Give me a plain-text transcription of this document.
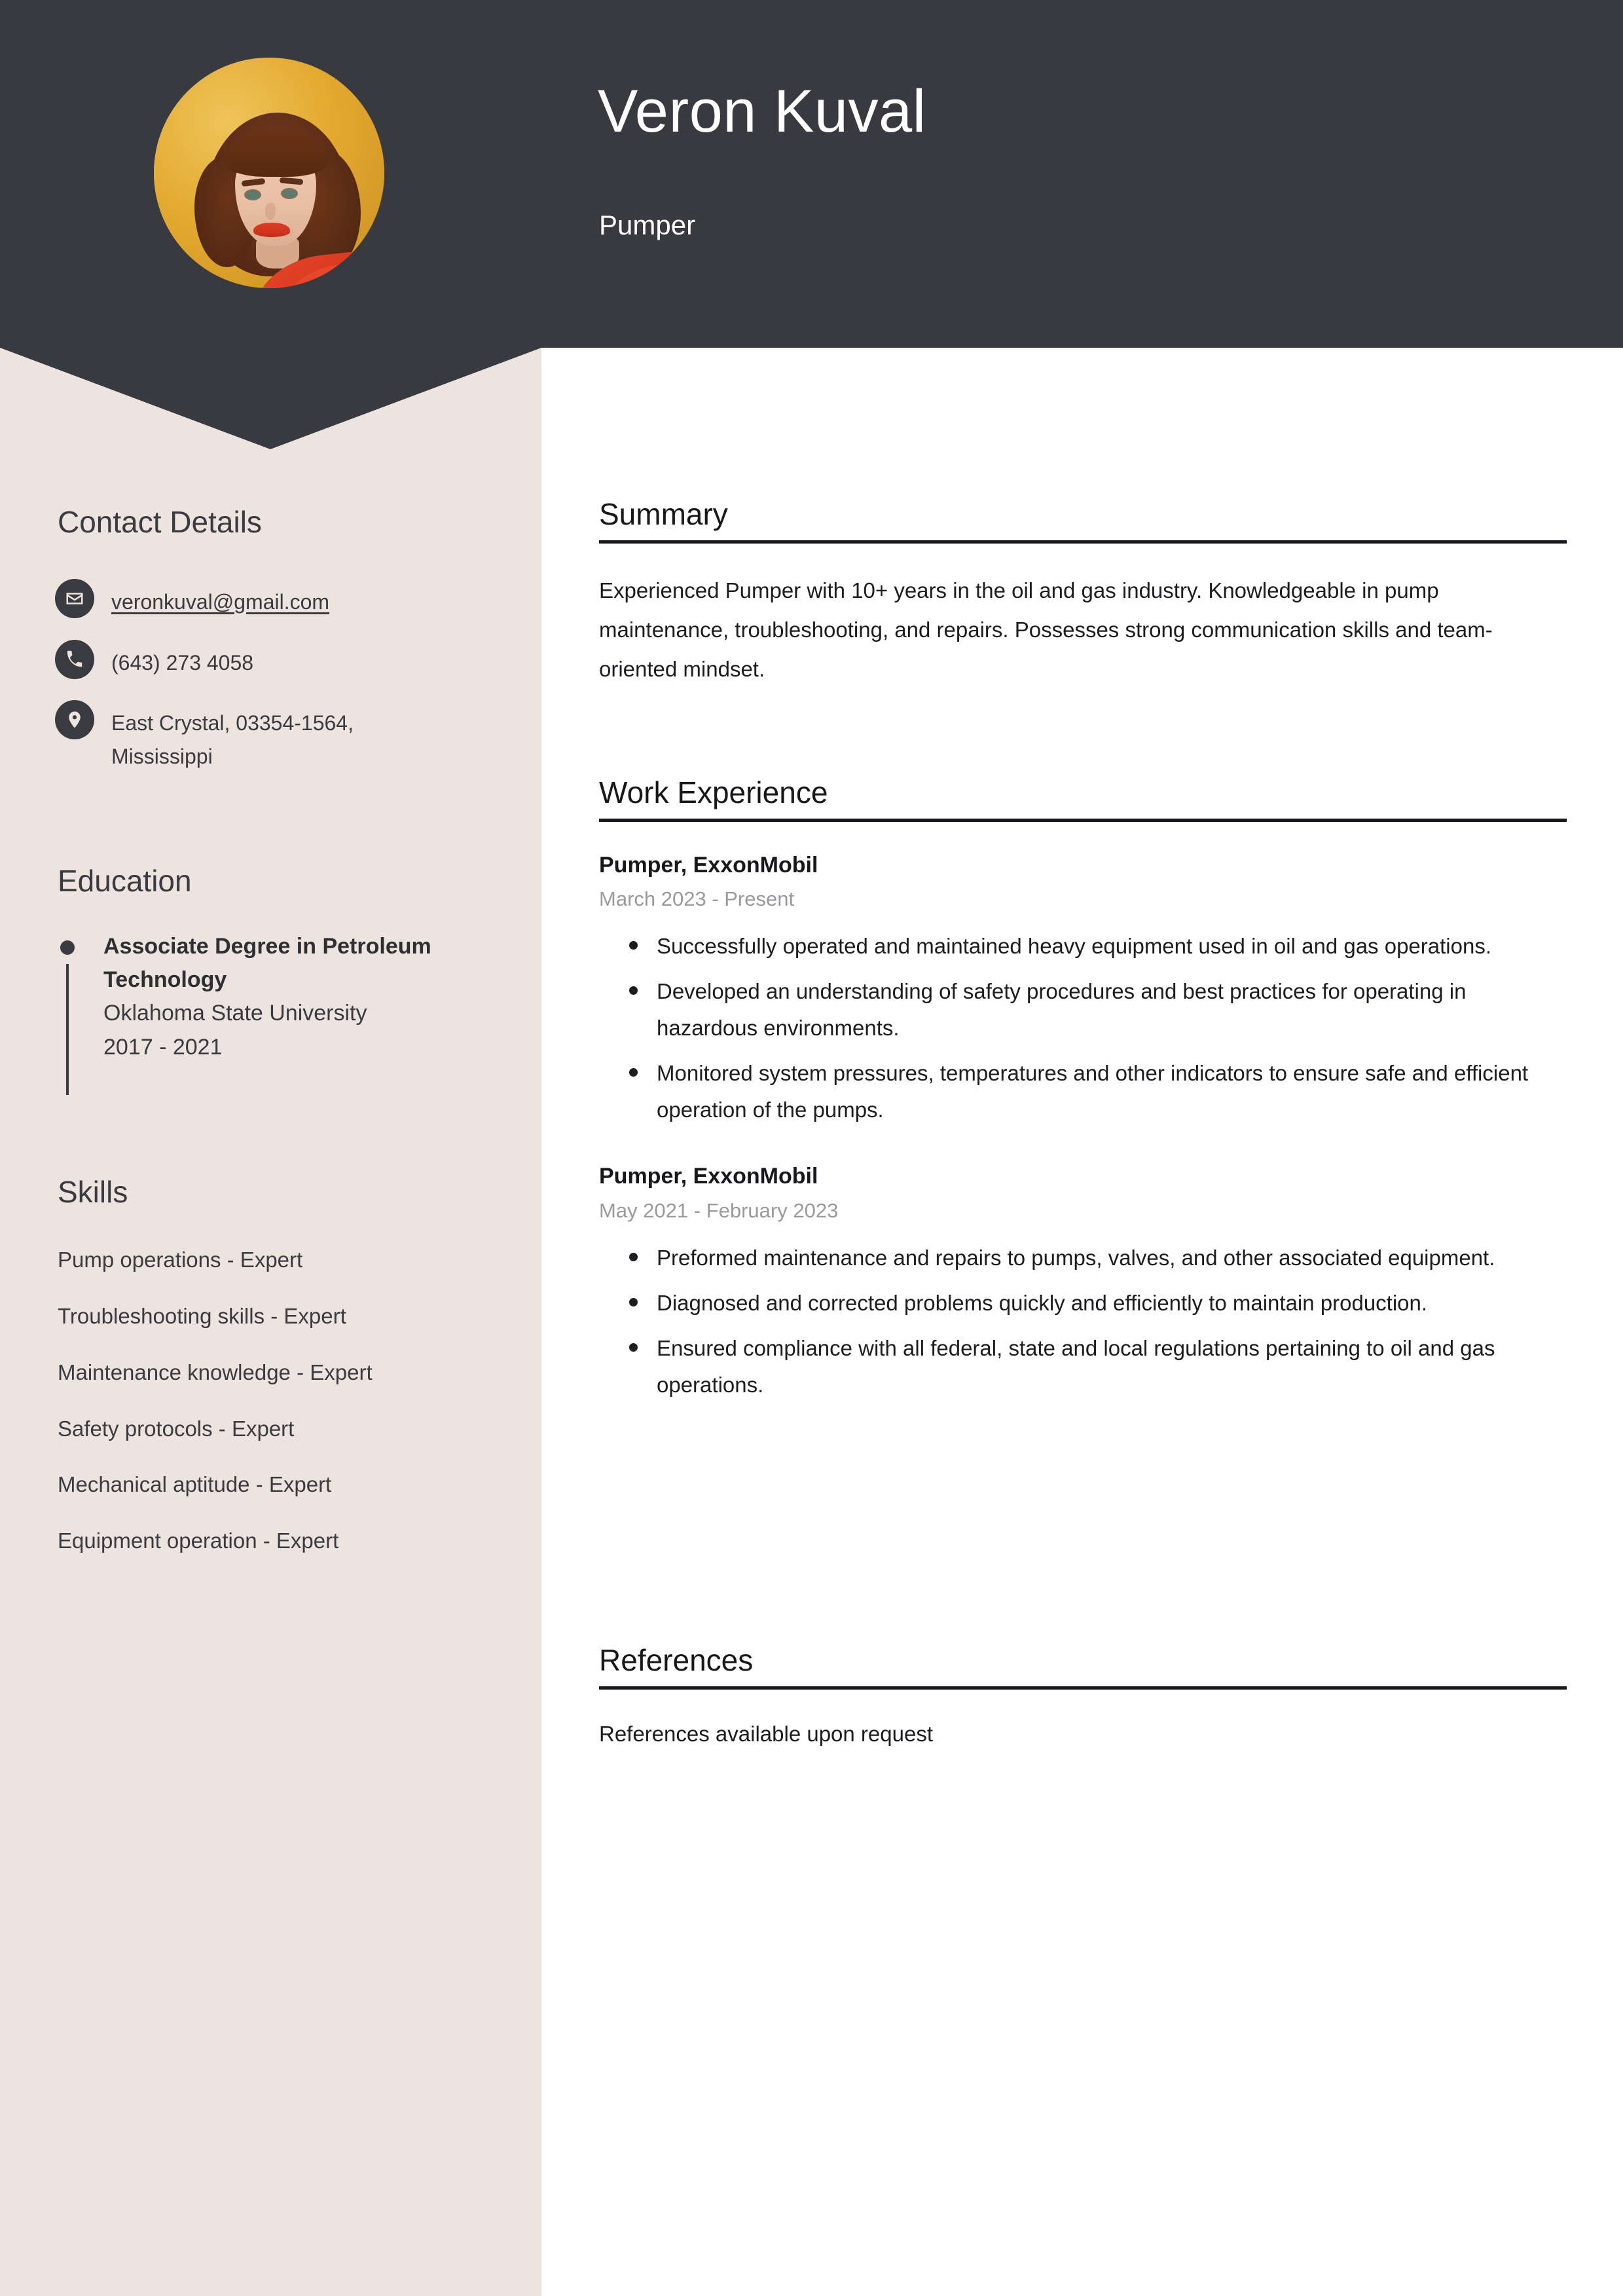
Veron Kuval
Pumper
Contact Details
veronkuval@gmail.com
(643) 273 4058
East Crystal, 03354-1564, Mississippi
Education
Associate Degree in Petroleum Technology
Oklahoma State University
2017 - 2021
Skills
Pump operations - Expert
Troubleshooting skills - Expert
Maintenance knowledge - Expert
Safety protocols - Expert
Mechanical aptitude - Expert
Equipment operation - Expert
Summary
Experienced Pumper with 10+ years in the oil and gas industry. Knowledgeable in pump maintenance, troubleshooting, and repairs. Possesses strong communication skills and team-oriented mindset.
Work Experience
Pumper, ExxonMobil
March 2023 - Present
Successfully operated and maintained heavy equipment used in oil and gas operations.
Developed an understanding of safety procedures and best practices for operating in hazardous environments.
Monitored system pressures, temperatures and other indicators to ensure safe and efficient operation of the pumps.
Pumper, ExxonMobil
May 2021 - February 2023
Preformed maintenance and repairs to pumps, valves, and other associated equipment.
Diagnosed and corrected problems quickly and efficiently to maintain production.
Ensured compliance with all federal, state and local regulations pertaining to oil and gas operations.
References
References available upon request
